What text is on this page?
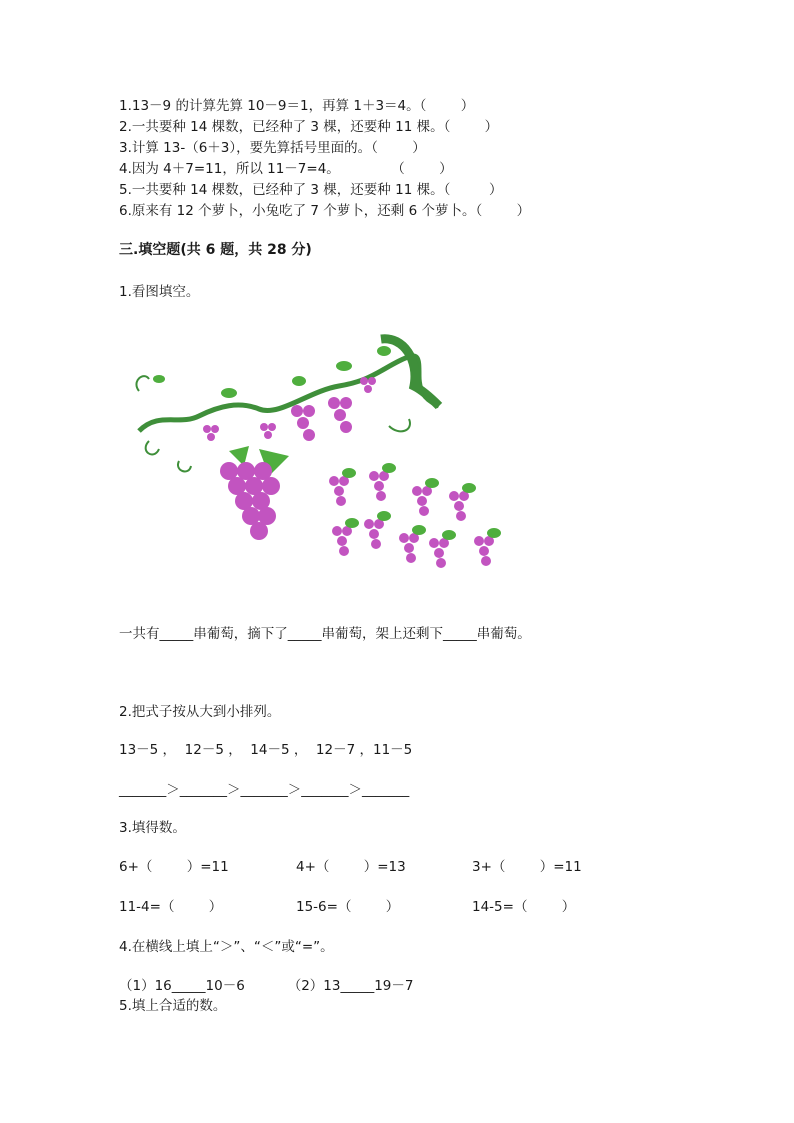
1.13－9 的计算先算 10－9＝1，再算 1＋3＝4。（        ）
2.一共要种 14 棵数，已经种了 3 棵，还要种 11 棵。（        ）
3.计算 13-（6＋3），要先算括号里面的。（        ）
4.因为 4＋7=11，所以 11－7=4。            （        ）
5.一共要种 14 棵数，已经种了 3 棵，还要种 11 棵。（         ）
6.原来有 12 个萝卜，小兔吃了 7 个萝卜，还剩 6 个萝卜。（        ）
三.填空题(共 6 题，共 28 分)
1.看图填空。
一共有_____串葡萄，摘下了_____串葡萄，架上还剩下_____串葡萄。
2.把式子按从大到小排列。
13－5 ，  12－5 ，  14－5 ，  12－7 ，11－5
_______＞_______＞_______＞_______＞_______
3.填得数。
6+（        ）=11	4+（        ）=13	3+（        ）=11
11-4=（        ）	15-6=（        ）	14-5=（        ）
4.在横线上填上“＞”、“＜”或“=”。
（1）16_____10－6          （2）13_____19－7
5.填上合适的数。
